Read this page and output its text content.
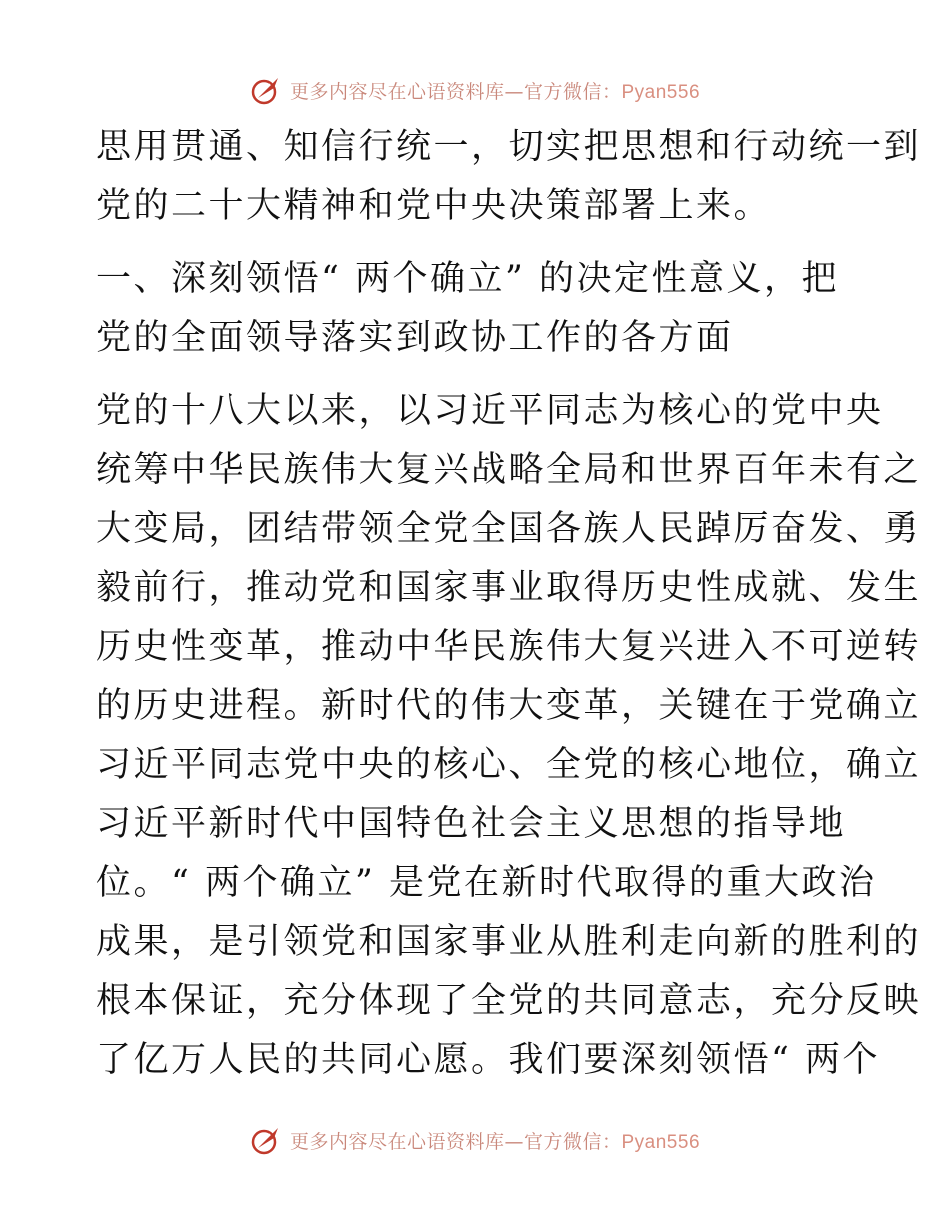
更多内容尽在心语资料库—官方微信：Pyan556
思用贯通、知信行统一，切实把思想和行动统一到
党的二十大精神和党中央决策部署上来。
一、深刻领悟“ 两个确立” 的决定性意义，把
党的全面领导落实到政协工作的各方面
党的十八大以来，以习近平同志为核心的党中央
统筹中华民族伟大复兴战略全局和世界百年未有之
大变局，团结带领全党全国各族人民踔厉奋发、勇
毅前行，推动党和国家事业取得历史性成就、发生
历史性变革，推动中华民族伟大复兴进入不可逆转
的历史进程。新时代的伟大变革，关键在于党确立
习近平同志党中央的核心、全党的核心地位，确立
习近平新时代中国特色社会主义思想的指导地
位。“ 两个确立” 是党在新时代取得的重大政治
成果，是引领党和国家事业从胜利走向新的胜利的
根本保证，充分体现了全党的共同意志，充分反映
了亿万人民的共同心愿。我们要深刻领悟“ 两个
更多内容尽在心语资料库—官方微信：Pyan556
